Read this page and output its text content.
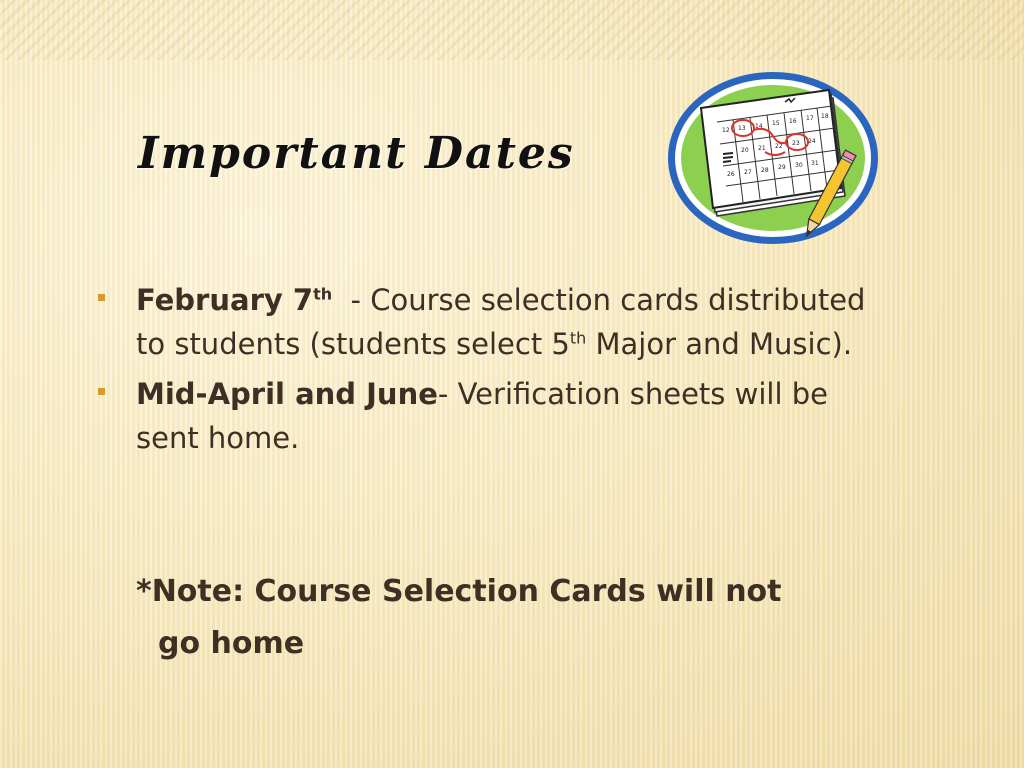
Important Dates	12 13 14 15 16 17 18
20 21 22 23 24
26 27 28 29 30 31
February 7th  - Course selection cards distributed to students (students select 5th Major and Music).
Mid-April and June- Verification sheets will be sent home.
*Note: Course Selection Cards will not
go home
